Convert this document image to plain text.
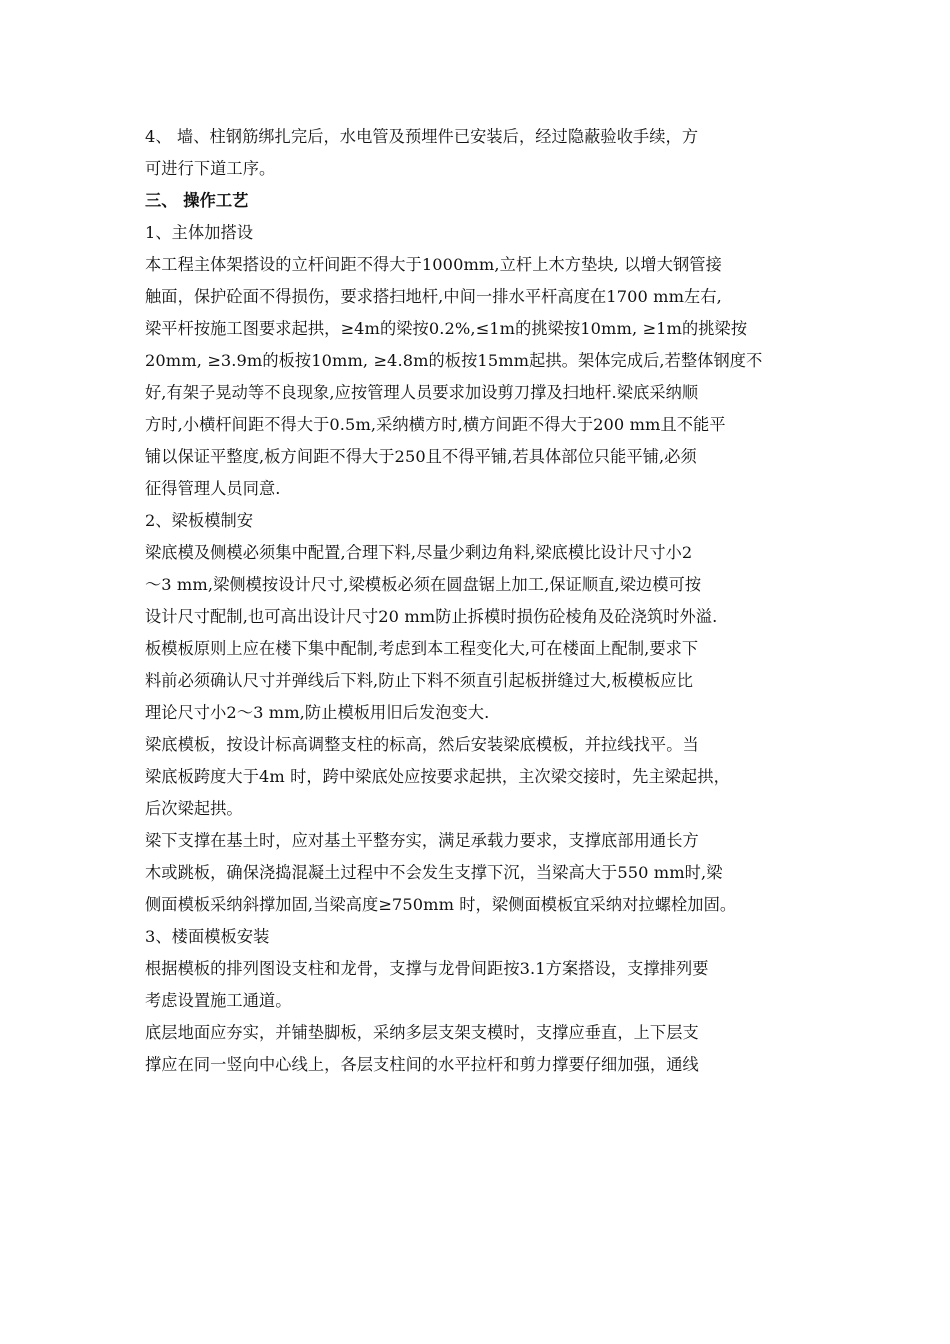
4、 墙、柱钢筋绑扎完后，水电管及预埋件已安装后，经过隐蔽验收手续，方
可进行下道工序。
三、 操作工艺
1、主体加搭设
本工程主体架搭设的立杆间距不得大于1000mm,立杆上木方垫块, 以增大钢管接
触面，保护砼面不得损伤，要求搭扫地杆,中间一排水平杆高度在1700 mm左右,
梁平杆按施工图要求起拱，≥4m的梁按0.2%,≤1m的挑梁按10mm, ≥1m的挑梁按
20mm, ≥3.9m的板按10mm, ≥4.8m的板按15mm起拱。架体完成后,若整体钢度不
好,有架子晃动等不良现象,应按管理人员要求加设剪刀撑及扫地杆.梁底采纳顺
方时,小横杆间距不得大于0.5m,采纳横方时,横方间距不得大于200 mm且不能平
铺以保证平整度,板方间距不得大于250且不得平铺,若具体部位只能平铺,必须
征得管理人员同意.
2、梁板模制安
梁底模及侧模必须集中配置,合理下料,尽量少剩边角料,梁底模比设计尺寸小2
～3 mm,梁侧模按设计尺寸,梁模板必须在圆盘锯上加工,保证顺直,梁边模可按
设计尺寸配制,也可高出设计尺寸20 mm防止拆模时损伤砼棱角及砼浇筑时外溢.
板模板原则上应在楼下集中配制,考虑到本工程变化大,可在楼面上配制,要求下
料前必须确认尺寸并弹线后下料,防止下料不须直引起板拼缝过大,板模板应比
理论尺寸小2～3 mm,防止模板用旧后发泡变大.
梁底模板，按设计标高调整支柱的标高，然后安装梁底模板，并拉线找平。当
梁底板跨度大于4m 时，跨中梁底处应按要求起拱，主次梁交接时，先主梁起拱，
后次梁起拱。
梁下支撑在基土时，应对基土平整夯实，满足承载力要求，支撑底部用通长方
木或跳板，确保浇捣混凝土过程中不会发生支撑下沉，当梁高大于550 mm时,梁
侧面模板采纳斜撑加固,当梁高度≥750mm 时，梁侧面模板宜采纳对拉螺栓加固。
3、楼面模板安装
根据模板的排列图设支柱和龙骨，支撑与龙骨间距按3.1方案搭设，支撑排列要
考虑设置施工通道。
底层地面应夯实，并铺垫脚板，采纳多层支架支模时，支撑应垂直，上下层支
撑应在同一竖向中心线上，各层支柱间的水平拉杆和剪力撑要仔细加强，通线
